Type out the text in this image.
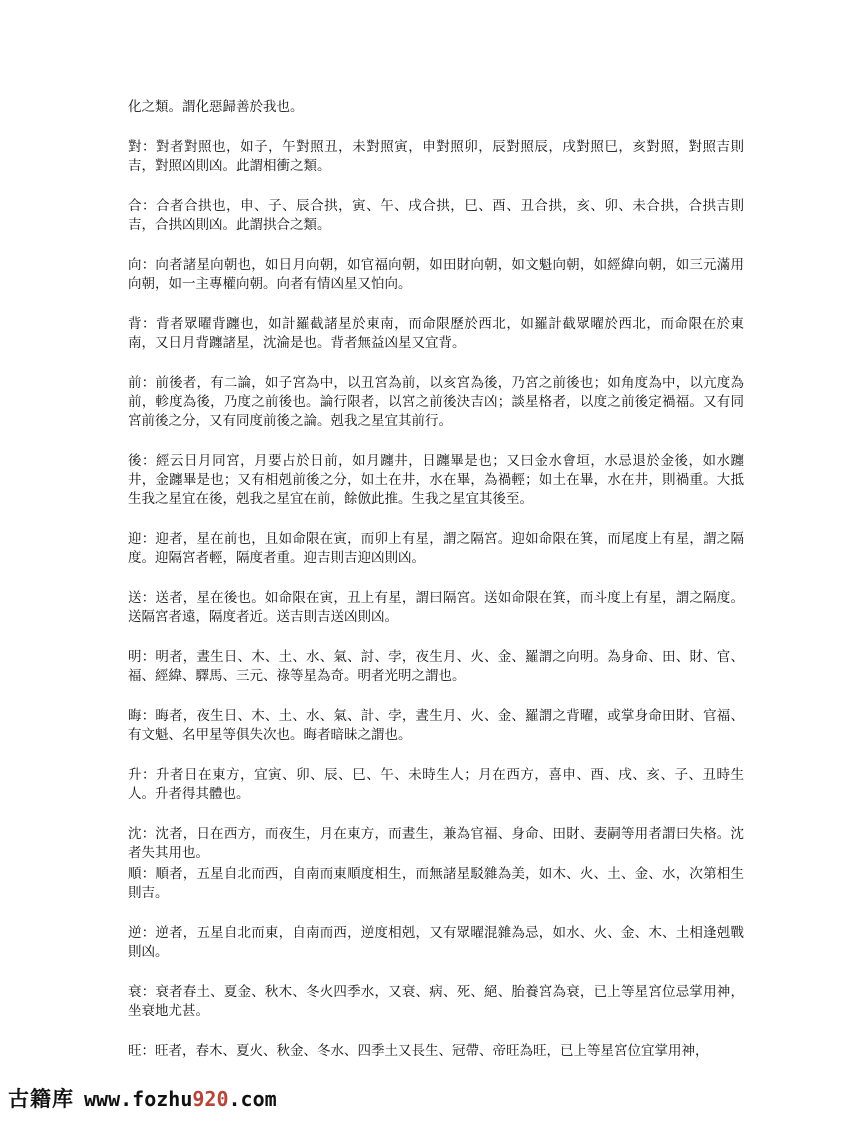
化之類。謂化惡歸善於我也。

對：對者對照也，如子，午對照丑，未對照寅，申對照卯，辰對照辰，戌對照巳，亥對照，對照吉則吉，對照凶則凶。此謂相衝之類。

合：合者合拱也，申、子、辰合拱，寅、午、戌合拱，巳、酉、丑合拱，亥、卯、未合拱，合拱吉則吉，合拱凶則凶。此謂拱合之類。

向：向者諸星向朝也，如日月向朝，如官福向朝，如田財向朝，如文魁向朝，如經緯向朝，如三元滿用向朝，如一主專權向朝。向者有情凶星又怕向。

背：背者眾曜背躔也，如計羅截諸星於東南，而命限歷於西北，如羅計截眾曜於西北，而命限在於東南，又日月背躔諸星，沈淪是也。背者無益凶星又宜背。

前：前後者，有二論，如子宮為中，以丑宮為前，以亥宮為後，乃宮之前後也；如角度為中，以亢度為前，軫度為後，乃度之前後也。論行限者，以宮之前後決吉凶；談星格者，以度之前後定禍福。又有同宮前後之分，又有同度前後之論。剋我之星宜其前行。

後：經云日月同宮，月要占於日前，如月躔井，日躔畢是也；又曰金水會垣，水忌退於金後，如水躔井，金躔畢是也；又有相剋前後之分，如土在井，水在畢，為禍輕；如土在畢，水在井，則禍重。大抵生我之星宜在後，剋我之星宜在前，餘倣此推。生我之星宜其後至。

迎：迎者，星在前也，且如命限在寅，而卯上有星，謂之隔宮。迎如命限在箕，而尾度上有星，謂之隔度。迎隔宮者輕，隔度者重。迎吉則吉迎凶則凶。

送：送者，星在後也。如命限在寅，丑上有星，謂曰隔宮。送如命限在箕，而斗度上有星，謂之隔度。送隔宮者遠，隔度者近。送吉則吉送凶則凶。

明：明者，晝生日、木、土、水、氣、討、孛，夜生月、火、金、羅謂之向明。為身命、田、財、官、福、經緯、驛馬、三元、祿等星為奇。明者光明之謂也。

晦：晦者，夜生日、木、土、水、氣、計、孛，晝生月、火、金、羅謂之背曜，或掌身命田財、官福、有文魁、名甲星等俱失次也。晦者暗昧之謂也。

升：升者日在東方，宜寅、卯、辰、巳、午、未時生人；月在西方，喜申、酉、戌、亥、子、丑時生人。升者得其體也。

沈：沈者，日在西方，而夜生，月在東方，而晝生，兼為官福、身命、田財、妻嗣等用者謂曰失格。沈者失其用也。

順：順者，五星自北而西，自南而東順度相生，而無諸星駁雜為美，如木、火、土、金、水，次第相生則吉。

逆：逆者，五星自北而東，自南而西，逆度相剋，又有眾曜混雜為忌，如水、火、金、木、土相逢剋戰則凶。

衰：衰者春土、夏金、秋木、冬火四季水，又衰、病、死、絕、胎養宮為衰，已上等星宮位忌掌用神，坐衰地尤甚。

旺：旺者，春木、夏火、秋金、冬水、四季土又長生、冠帶、帝旺為旺，已上等星宮位宜掌用神，

古籍库 www. fozhu920.com
